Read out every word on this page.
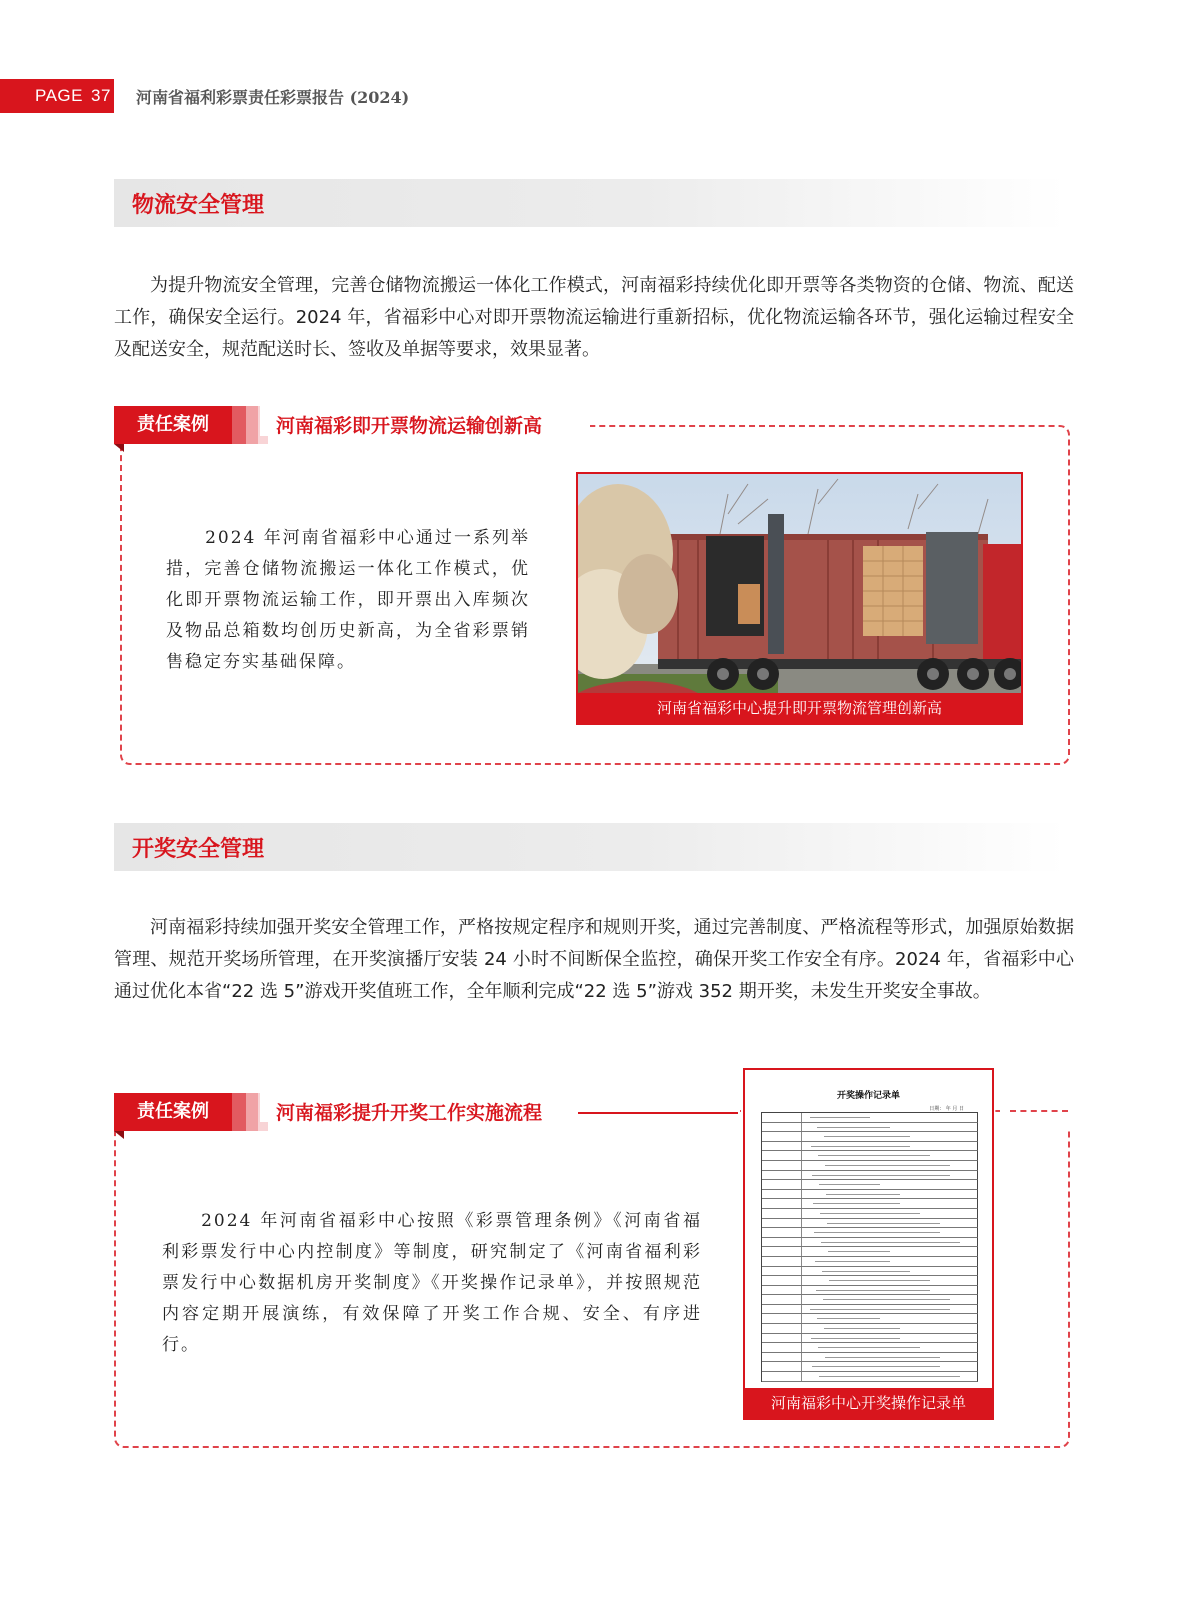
PAGE 37 河南省福利彩票责任彩票报告 (2024)
物流安全管理
为提升物流安全管理，完善仓储物流搬运一体化工作模式，河南福彩持续优化即开票等各类物资的仓储、物流、配送工作，确保安全运行。2024 年，省福彩中心对即开票物流运输进行重新招标，优化物流运输各环节，强化运输过程安全及配送安全，规范配送时长、签收及单据等要求，效果显著。
责任案例	河南福彩即开票物流运输创新高
2024 年河南省福彩中心通过一系列举措，完善仓储物流搬运一体化工作模式，优化即开票物流运输工作，即开票出入库频次及物品总箱数均创历史新高，为全省彩票销售稳定夯实基础保障。
河南省福彩中心提升即开票物流管理创新高
开奖安全管理
河南福彩持续加强开奖安全管理工作，严格按规定程序和规则开奖，通过完善制度、严格流程等形式，加强原始数据管理、规范开奖场所管理，在开奖演播厅安装 24 小时不间断保全监控，确保开奖工作安全有序。2024 年，省福彩中心通过优化本省“22 选 5”游戏开奖值班工作，全年顺利完成“22 选 5”游戏 352 期开奖，未发生开奖安全事故。
责任案例	河南福彩提升开奖工作实施流程
2024 年河南省福彩中心按照《彩票管理条例》《河南省福利彩票发行中心内控制度》等制度，研究制定了《河南省福利彩票发行中心数据机房开奖制度》《开奖操作记录单》，并按照规范内容定期开展演练，有效保障了开奖工作合规、安全、有序进行。
开奖操作记录单
日期： 年 月 日
河南福彩中心开奖操作记录单
